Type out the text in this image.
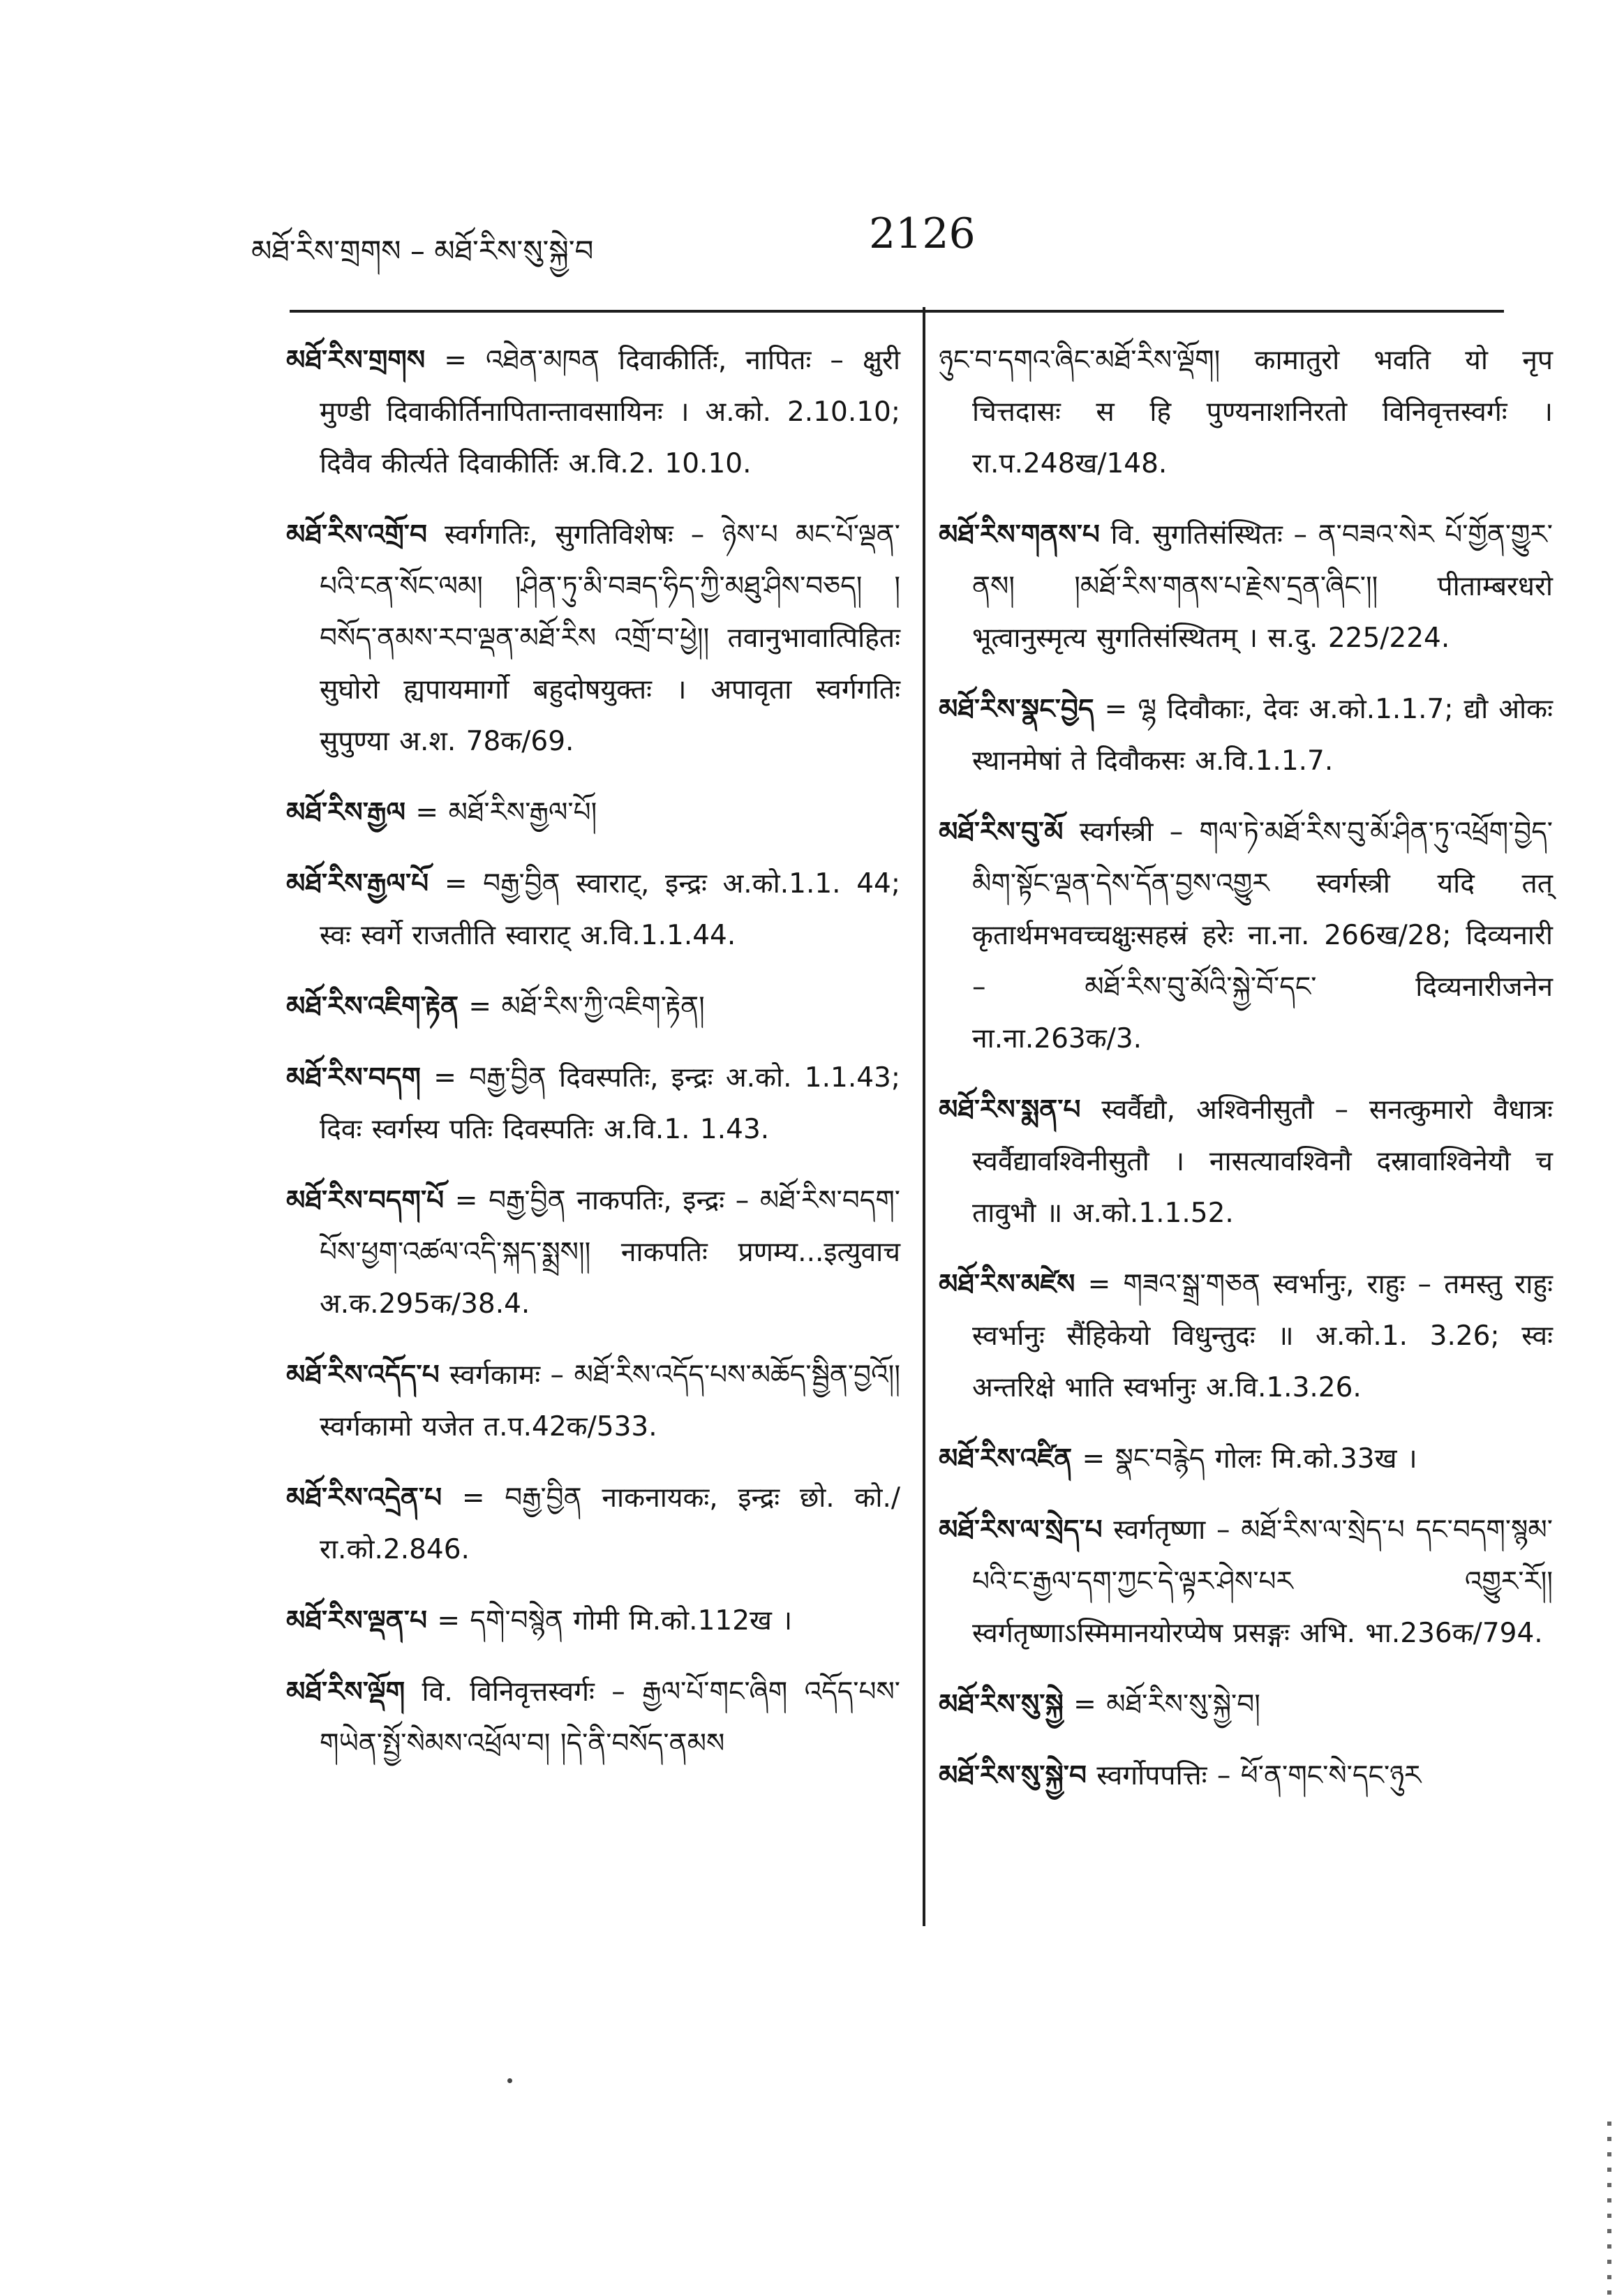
མཐོ་རིས་གྲགས – མཐོ་རིས་སུ་སྐྱེ་བ	2126

མཐོ་རིས་གྲགས = འཐེན་མཁན दिवाकीर्तिः, नापितः – क्षुरी मुण्डी दिवाकीर्तिनापितान्तावसायिनः । अ.को. 2.10.10; दिवैव कीर्त्यते दिवाकीर्तिः अ.वि.2. 10.10.

མཐོ་རིས་འགྲོ་བ स्वर्गगतिः, सुगतिविशेषः – ཉེས་པ མང་པོ་ལྡན་པའི་ངན་སོང་ལམ། །ཤིན་ཏུ་མི་བཟད་ཧིད་ཀྱི་མཐུ་ཤིས་བཅད། །བསོད་ནམས་རབ་ལྡན་མཐོ་རིས འགྲོ་བ་ཕྱེ།། तवानुभावात्पिहितः सुघोरो ह्यपायमार्गो बहुदोषयुक्तः । अपावृता स्वर्गगतिः सुपुण्या अ.श. 78क/69.

མཐོ་རིས་རྒྱལ = མཐོ་རིས་རྒྱལ་པོ།

མཐོ་རིས་རྒྱལ་པོ = བརྒྱ་བྱིན स्वाराट्, इन्द्रः अ.को.1.1. 44; स्वः स्वर्गे राजतीति स्वाराट् अ.वि.1.1.44.

མཐོ་རིས་འཇིག་རྟེན = མཐོ་རིས་ཀྱི་འཇིག་རྟེན།

མཐོ་རིས་བདག = བརྒྱ་བྱིན दिवस्पतिः, इन्द्रः अ.को. 1.1.43; दिवः स्वर्गस्य पतिः दिवस्पतिः अ.वि.1. 1.43.

མཐོ་རིས་བདག་པོ = བརྒྱ་བྱིན नाकपतिः, इन्द्रः – མཐོ་རིས་བདག་པོས་ཕྱག་འཚལ་འདི་སྐད་སྨྲས།། नाकपतिः प्रणम्य...इत्युवाच अ.क.295क/38.4.

མཐོ་རིས་འདོད་པ स्वर्गकामः – མཐོ་རིས་འདོད་པས་མཆོད་སྦྱིན་བྱའོ།། स्वर्गकामो यजेत त.प.42क/533.

མཐོ་རིས་འདྲེན་པ = བརྒྱ་བྱིན नाकनायकः, इन्द्रः छो. को./रा.को.2.846.

མཐོ་རིས་ལྡན་པ = དགེ་བསྙེན गोमी मि.को.112ख ।

མཐོ་རིས་ལྡོག वि. विनिवृत्तस्वर्गः – རྒྱལ་པོ་གང་ཞིག འདོད་པས་གཡེན་སྤྱོ་སེམས་འཕྲོལ་བ། །དེ་ནི་བསོད་ནམས

ཉུང་བ་དགའ་ཞིང་མཐོ་རིས་ལྡོག། कामातुरो भवति यो नृप चित्तदासः स हि पुण्यनाशनिरतो विनिवृत्तस्वर्गः । रा.प.248ख/148.

མཐོ་རིས་གནས་པ वि. सुगतिसंस्थितः – ན་བཟའ་སེར པོ་གྱོན་གྱུར་ནས། །མཐོ་རིས་གནས་པ་རྗེས་དྲན་ཞིང་།། पीताम्बरधरो भूत्वानुस्मृत्य सुगतिसंस्थितम् । स.दु. 225/224.

མཐོ་རིས་སྣང་བྱེད = ལྷ दिवौकाः, देवः अ.को.1.1.7; द्यौ ओकः स्थानमेषां ते दिवौकसः अ.वि.1.1.7.

མཐོ་རིས་བུ་མོ स्वर्गस्त्री – གལ་ཏེ་མཐོ་རིས་བུ་མོ་ཤིན་ཏུ་འཕྲོག་བྱེད་མིག་སྟོང་ལྡན་དེས་དོན་བྱས་འགྱུར स्वर्गस्त्री यदि तत् कृतार्थमभवच्चक्षुःसहस्रं हरेः ना.ना. 266ख/28; दिव्यनारी – མཐོ་རིས་བུ་མོའི་སྐྱེ་བོ་དང་ दिव्यनारीजनेन ना.ना.263क/3.

མཐོ་རིས་སྨན་པ स्वर्वैद्यौ, अश्विनीसुतौ – सनत्कुमारो वैधात्रः स्वर्वैद्यावश्विनीसुतौ । नासत्यावश्विनौ दस्रावाश्विनेयौ च तावुभौ ॥ अ.को.1.1.52.

མཐོ་རིས་མཛེས = གཟའ་སྒྲ་གཅན स्वर्भानुः, राहुः – तमस्तु राहुः स्वर्भानुः सैंहिकेयो विधुन्तुदः ॥ अ.को.1. 3.26; स्वः अन्तरिक्षे भाति स्वर्भानुः अ.वि.1.3.26.

མཐོ་རིས་འཛིན = སྣང་བརྙེད गोलः मि.को.33ख ।

མཐོ་རིས་ལ་སྲེད་པ स्वर्गतृष्णा – མཐོ་རིས་ལ་སྲེད་པ དང་བདག་སྙམ་པའི་ང་རྒྱལ་དག་ཀྱང་དེ་ལྟར་ཤེས་པར འགྱུར་རོ།། स्वर्गतृष्णाऽस्मिमानयोरप्येष प्रसङ्गः अभि. भा.236क/794.

མཐོ་རིས་སུ་སྐྱེ = མཐོ་རིས་སུ་སྐྱེ་བ།

མཐོ་རིས་སུ་སྐྱེ་བ स्वर्गोपपत्तिः – ཕོ་ན་གང་སེ་དང་ཉུར
